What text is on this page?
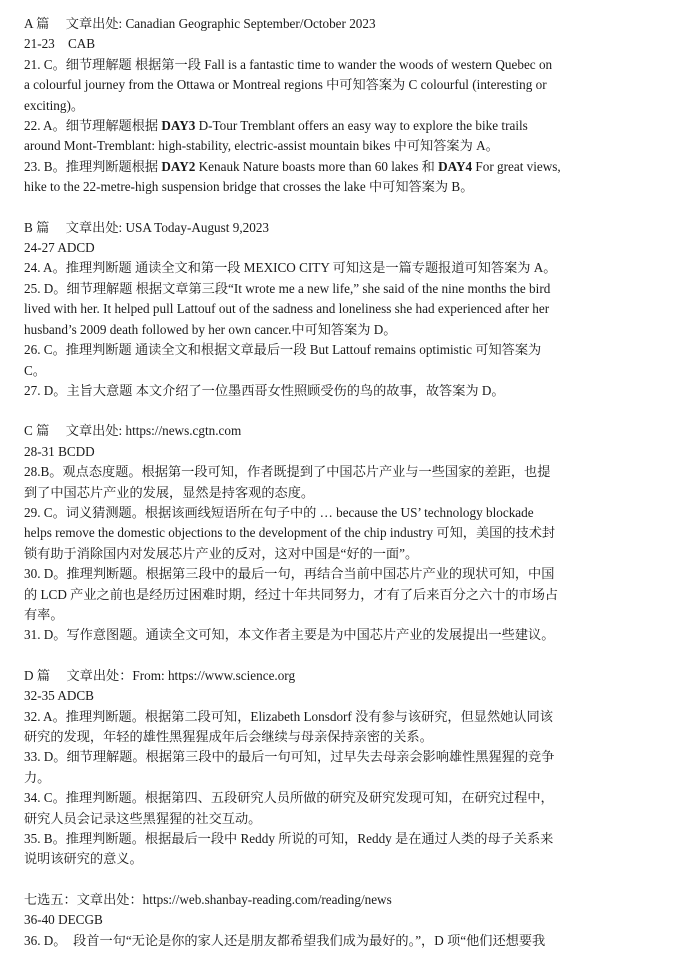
A 篇　 文章出处: Canadian Geographic September/October 2023
21-23　CAB
21. C。细节理解题 根据第一段 Fall is a fantastic time to wander the woods of western Quebec on
a colourful journey from the Ottawa or Montreal regions 中可知答案为 C colourful (interesting or
exciting)。
22. A。细节理解题根据 DAY3 D-Tour Tremblant offers an easy way to explore the bike trails
around Mont-Tremblant: high-stability, electric-assist mountain bikes 中可知答案为 A。
23. B。推理判断题根据 DAY2 Kenauk Nature boasts more than 60 lakes 和 DAY4 For great views,
hike to the 22-metre-high suspension bridge that crosses the lake 中可知答案为 B。
B 篇　 文章出处: USA Today-August 9,2023
24-27 ADCD
24. A。推理判断题 通读全文和第一段 MEXICO CITY 可知这是一篇专题报道可知答案为 A。
25. D。细节理解题 根据文章第三段“It wrote me a new life,” she said of the nine months the bird
lived with her. It helped pull Lattouf out of the sadness and loneliness she had experienced after her
husband’s 2009 death followed by her own cancer.中可知答案为 D。
26. C。推理判断题 通读全文和根据文章最后一段 But Lattouf remains optimistic 可知答案为
C。
27. D。主旨大意题 本文介绍了一位墨西哥女性照顾受伤的鸟的故事，故答案为 D。
C 篇　 文章出处: https://news.cgtn.com
28-31 BCDD
28.B。观点态度题。根据第一段可知，作者既提到了中国芯片产业与一些国家的差距，也提
到了中国芯片产业的发展，显然是持客观的态度。
29. C。词义猜测题。根据该画线短语所在句子中的 … because the US’ technology blockade
helps remove the domestic objections to the development of the chip industry 可知，美国的技术封
锁有助于消除国内对发展芯片产业的反对，这对中国是“好的一面”。
30. D。推理判断题。根据第三段中的最后一句，再结合当前中国芯片产业的现状可知，中国
的 LCD 产业之前也是经历过困难时期，经过十年共同努力，才有了后来百分之六十的市场占
有率。
31. D。写作意图题。通读全文可知，本文作者主要是为中国芯片产业的发展提出一些建议。
D 篇　 文章出处：From: https://www.science.org
32-35 ADCB
32. A。推理判断题。根据第二段可知，Elizabeth Lonsdorf 没有参与该研究，但显然她认同该
研究的发现，年轻的雄性黑猩猩成年后会继续与母亲保持亲密的关系。
33. D。细节理解题。根据第三段中的最后一句可知，过早失去母亲会影响雄性黑猩猩的竞争
力。
34. C。推理判断题。根据第四、五段研究人员所做的研究及研究发现可知，在研究过程中，
研究人员会记录这些黑猩猩的社交互动。
35. B。推理判断题。根据最后一段中 Reddy 所说的可知，Reddy 是在通过人类的母子关系来
说明该研究的意义。
七选五：文章出处：https://web.shanbay-reading.com/reading/news
36-40 DECGB
36. D。　段首一句“无论是你的家人还是朋友都希望我们成为最好的。”，D 项“他们还想要我
